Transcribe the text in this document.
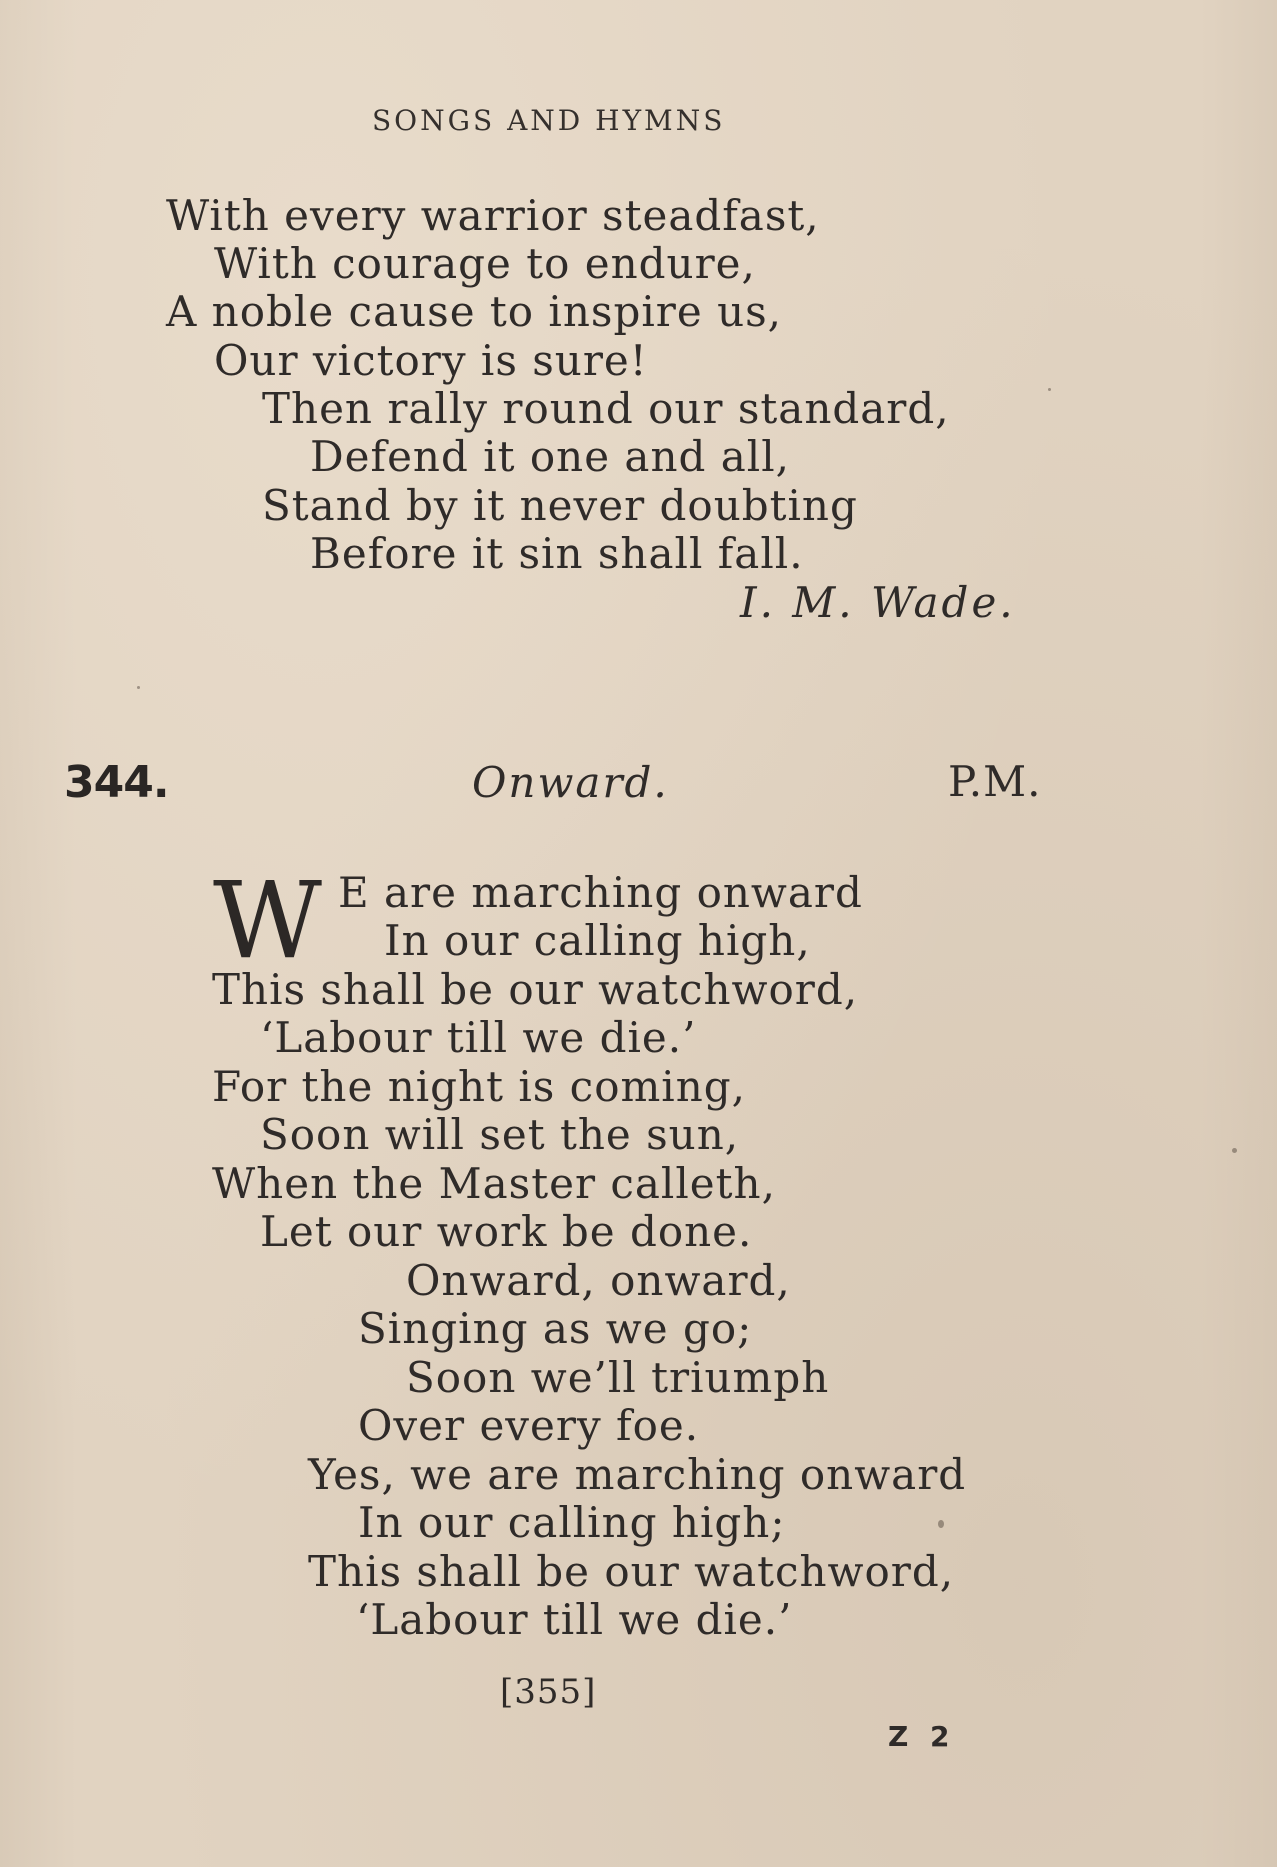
SONGS AND HYMNS
With every warrior steadfast,
With courage to endure,
A noble cause to inspire us,
Our victory is sure!
Then rally round our standard,
Defend it one and all,
Stand by it never doubting
Before it sin shall fall.
I. M. Wade.
344.	Onward.	P.M.
W E are marching onward
In our calling high,
This shall be our watchword,
‘Labour till we die.’
For the night is coming,
Soon will set the sun,
When the Master calleth,
Let our work be done.
Onward, onward,
Singing as we go;
Soon we’ll triumph
Over every foe.
Yes, we are marching onward
In our calling high;
This shall be our watchword,
‘Labour till we die.’
[355]
Z 2
